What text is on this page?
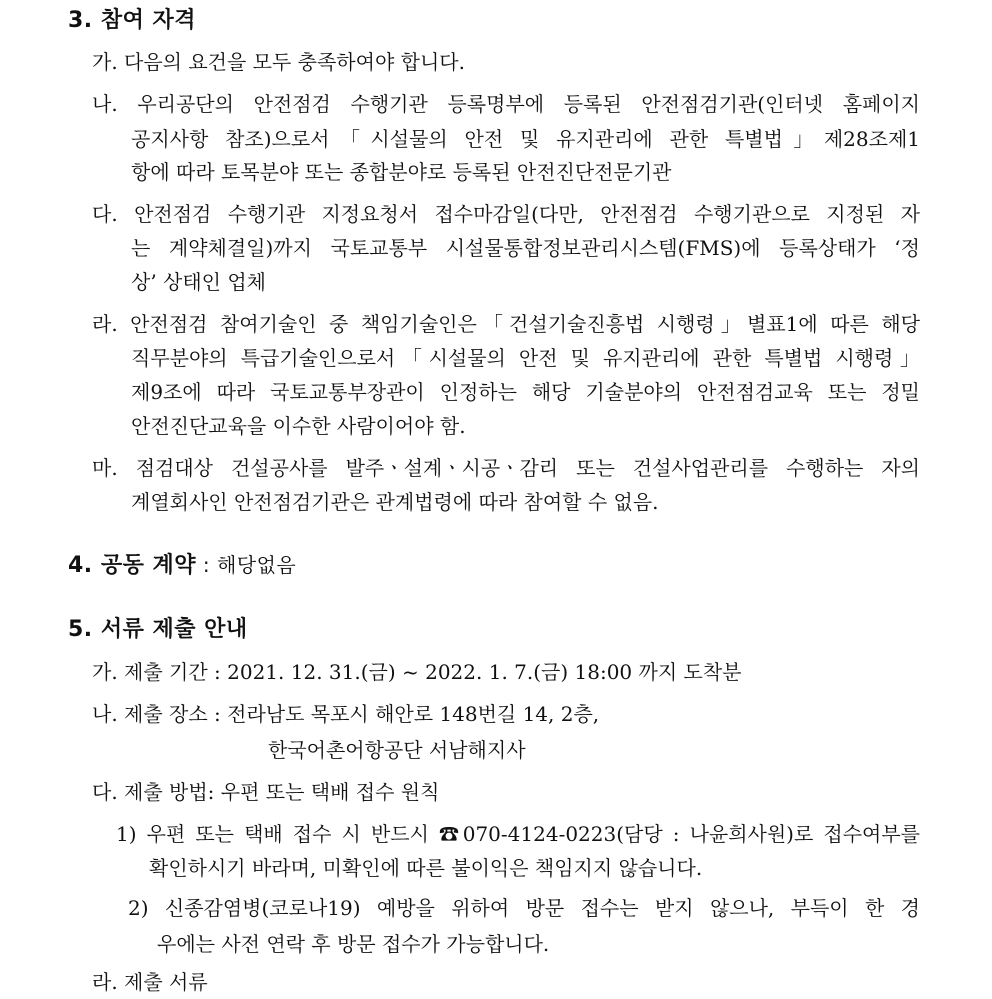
3. 참여 자격
가. 다음의 요건을 모두 충족하여야 합니다.
나. 우리공단의 안전점검 수행기관 등록명부에 등록된 안전점검기관(인터넷 홈페이지
공지사항 참조)으로서「시설물의 안전 및 유지관리에 관한 특별법」제28조제1
항에 따라 토목분야 또는 종합분야로 등록된 안전진단전문기관
다. 안전점검 수행기관 지정요청서 접수마감일(다만, 안전점검 수행기관으로 지정된 자
는 계약체결일)까지 국토교통부 시설물통합정보관리시스템(FMS)에 등록상태가 ‘정
상’ 상태인 업체
라. 안전점검 참여기술인 중 책임기술인은「건설기술진흥법 시행령」별표1에 따른 해당
직무분야의 특급기술인으로서「시설물의 안전 및 유지관리에 관한 특별법 시행령」
제9조에 따라 국토교통부장관이 인정하는 해당 기술분야의 안전점검교육 또는 정밀
안전진단교육을 이수한 사람이어야 함.
마. 점검대상 건설공사를 발주ㆍ설계ㆍ시공ㆍ감리 또는 건설사업관리를 수행하는 자의
계열회사인 안전점검기관은 관계법령에 따라 참여할 수 없음.
4. 공동 계약 : 해당없음
5. 서류 제출 안내
가. 제출 기간 : 2021. 12. 31.(금) ~ 2022. 1. 7.(금) 18:00 까지 도착분
나. 제출 장소 : 전라남도 목포시 해안로 148번길 14, 2층,
한국어촌어항공단 서남해지사
다. 제출 방법: 우편 또는 택배 접수 원칙
1) 우편 또는 택배 접수 시 반드시 ☎070-4124-0223(담당 : 나윤희사원)로 접수여부를
확인하시기 바라며, 미확인에 따른 불이익은 책임지지 않습니다.
2) 신종감염병(코로나19) 예방을 위하여 방문 접수는 받지 않으나, 부득이 한 경
우에는 사전 연락 후 방문 접수가 가능합니다.
라. 제출 서류
